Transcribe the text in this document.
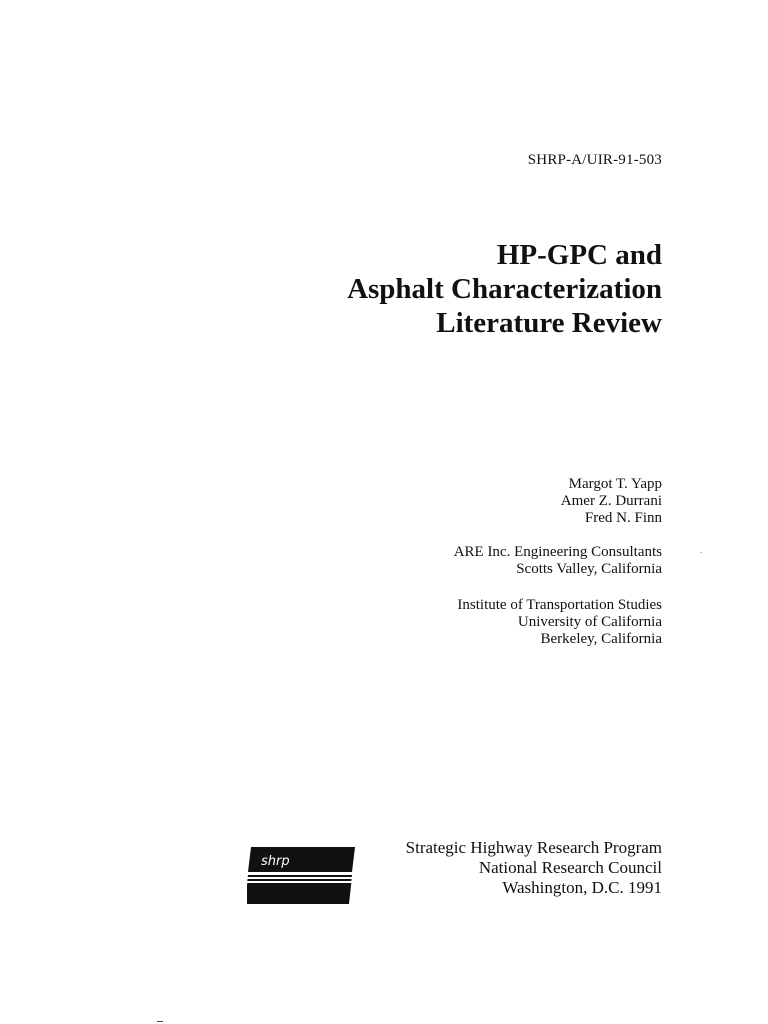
SHRP-A/UIR-91-503
HP-GPC and
Asphalt Characterization
Literature Review
Margot T. Yapp
Amer Z. Durrani
Fred N. Finn
ARE Inc. Engineering Consultants
Scotts Valley, California
Institute of Transportation Studies
University of California
Berkeley, California
shrp
Strategic Highway Research Program
National Research Council
Washington, D.C. 1991
